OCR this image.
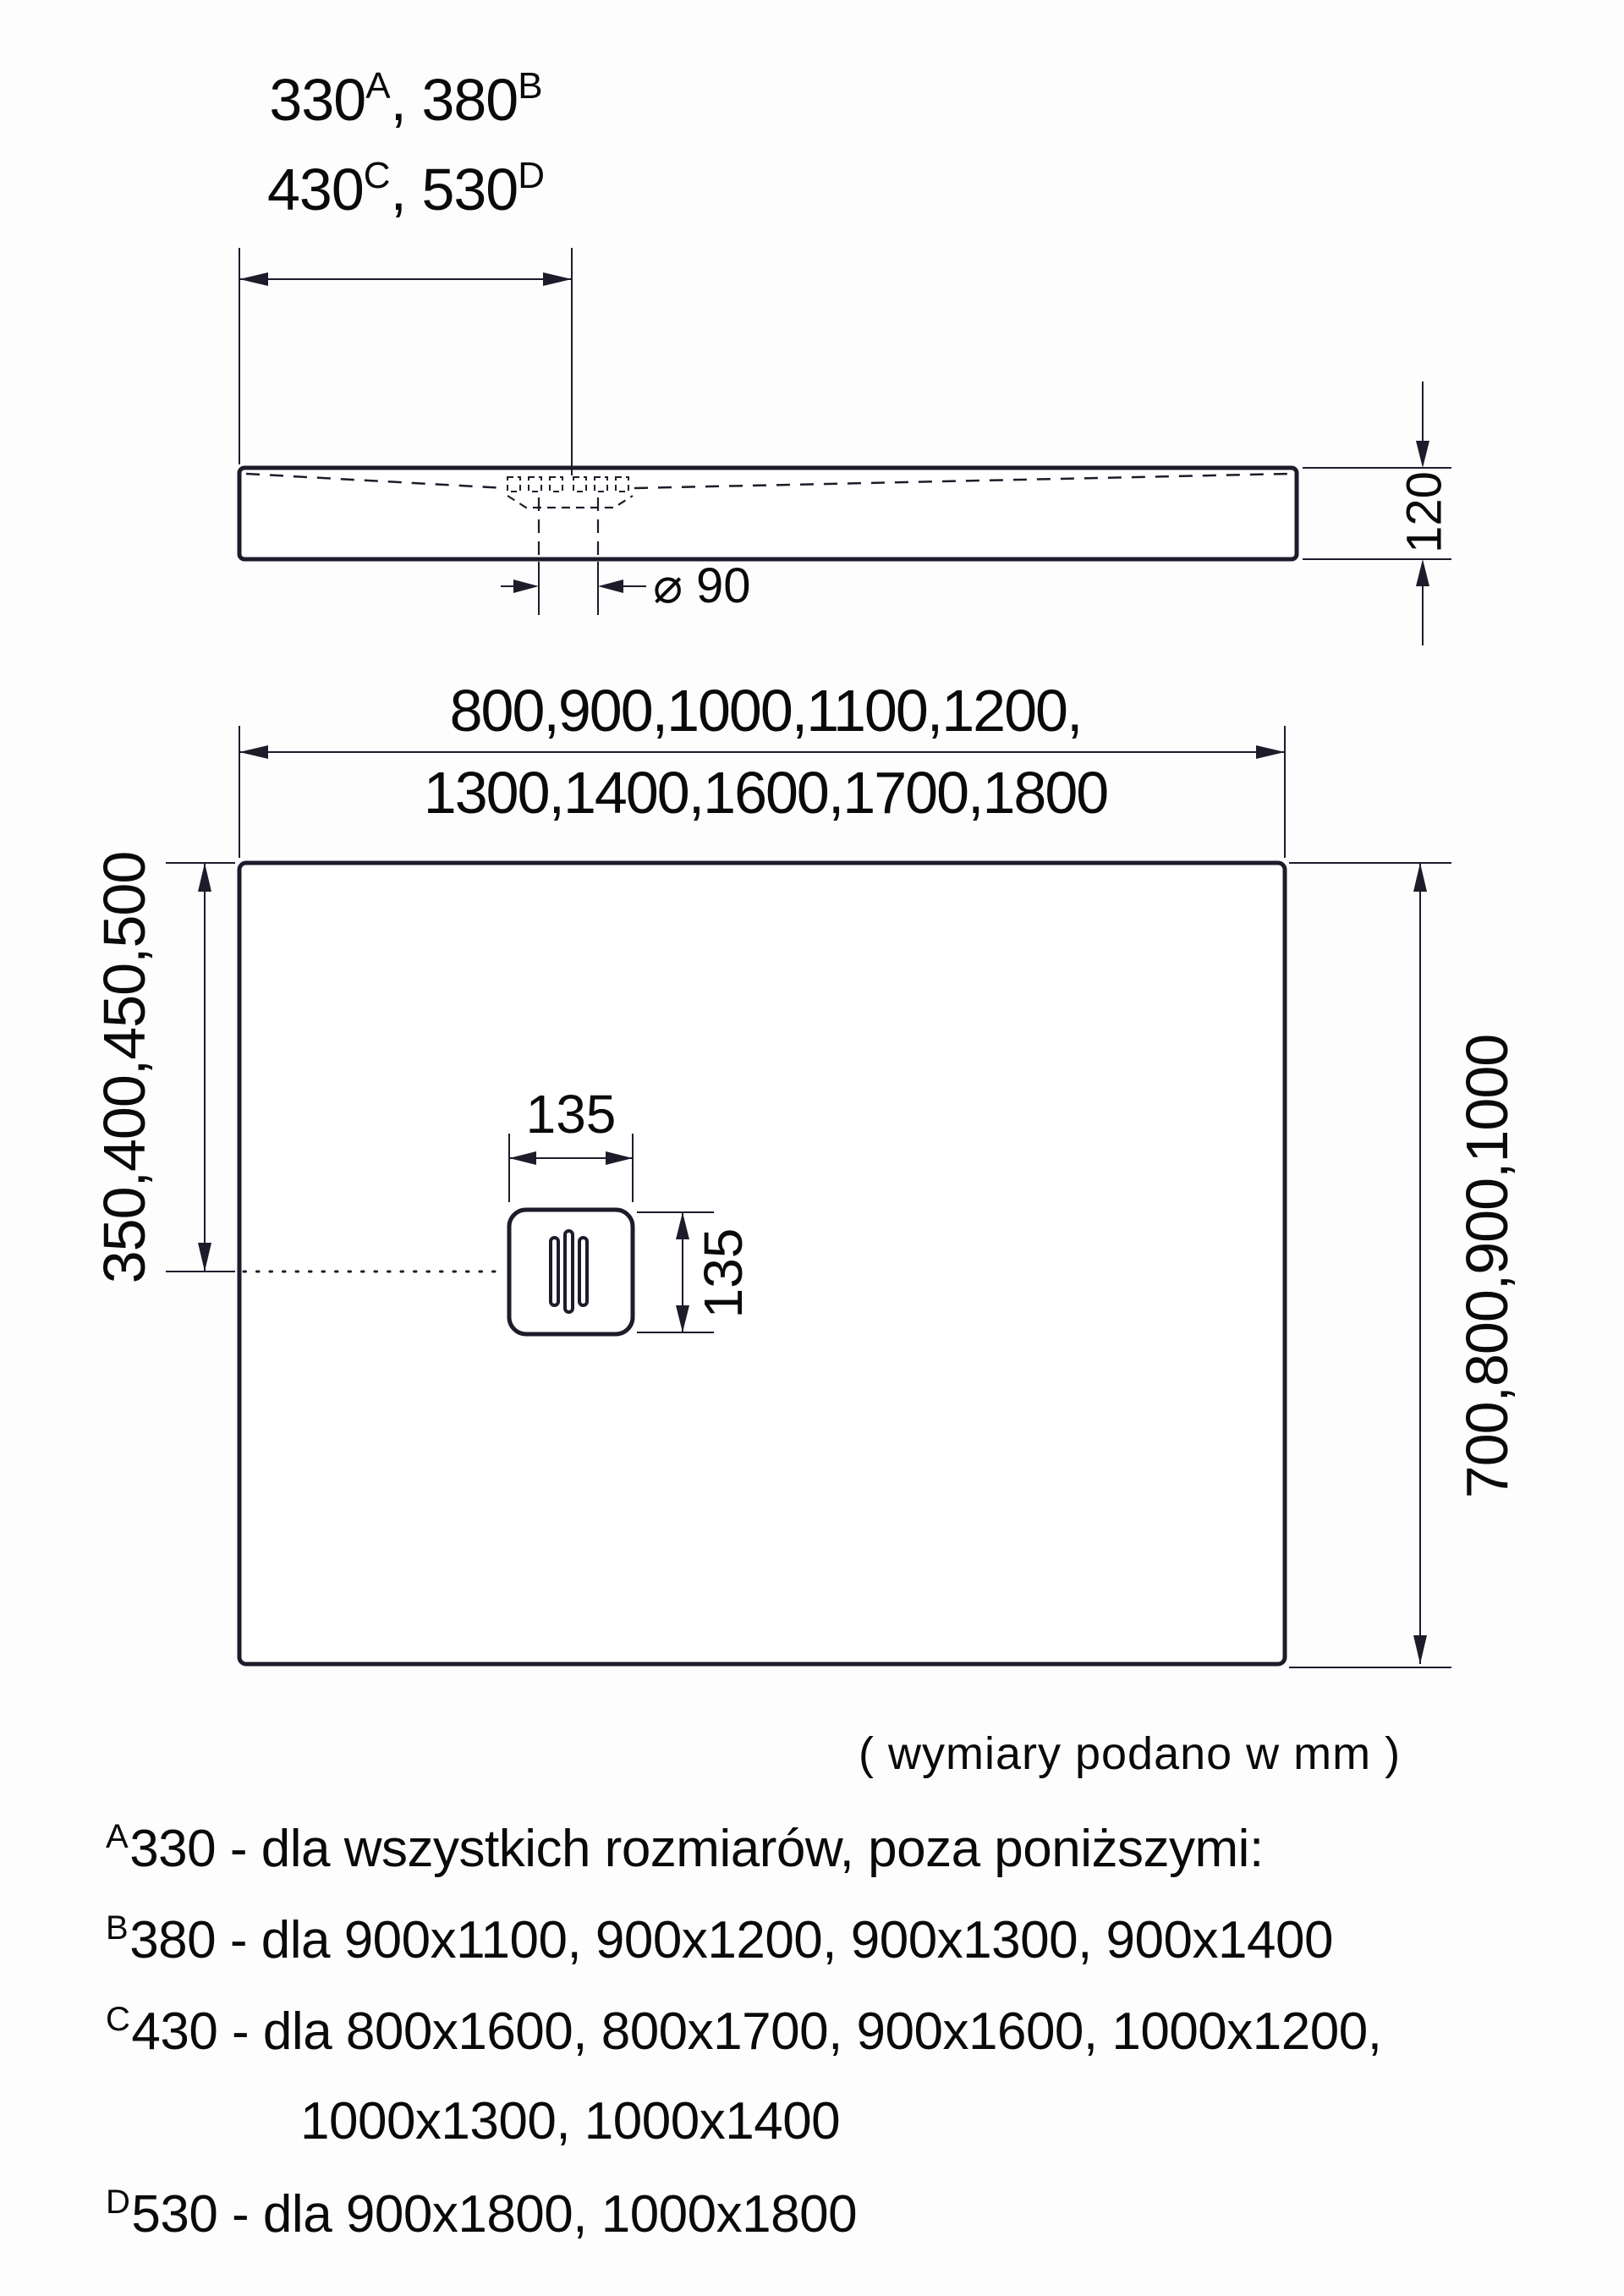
$330^A$, $380^B$
$430^C$, $530^D$
120
⌀ 90
800,900,1000,1100,1200,
1300,1400,1600,1700,1800
350,400,450,500	700,800,900,1000
135
135
( wymiary podano w mm )
$^A$330 - dla wszystkich rozmiarów, poza poniższymi:
$^B$380 - dla 900x1100, 900x1200, 900x1300, 900x1400
$^C$430 - dla 800x1600, 800x1700, 900x1600, 1000x1200,
1000x1300, 1000x1400
$^D$530 - dla 900x1800, 1000x1800
